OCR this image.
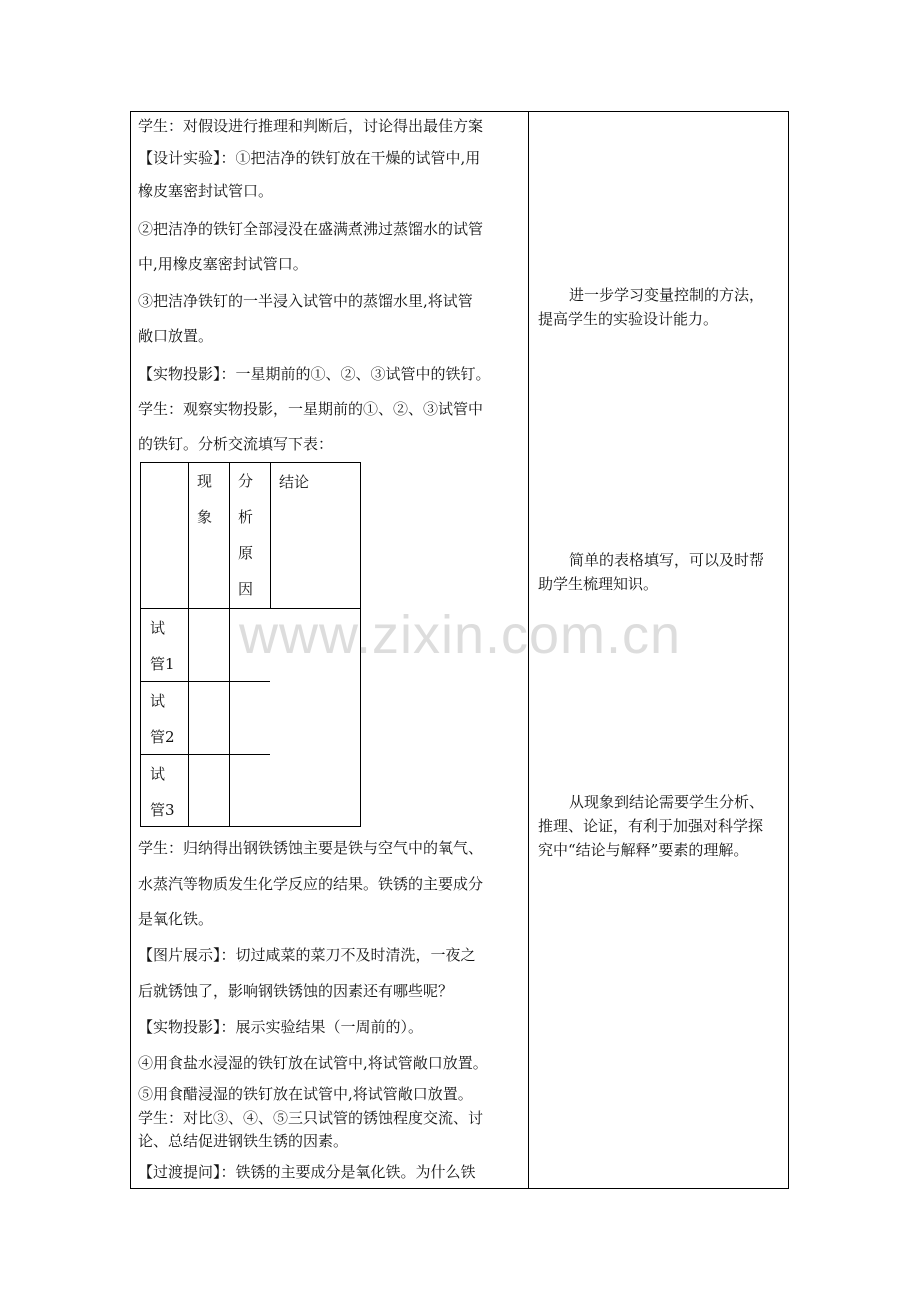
学生：对假设进行推理和判断后，讨论得出最佳方案
【设计实验】：①把洁净的铁钉放在干燥的试管中,用
橡皮塞密封试管口。
②把洁净的铁钉全部浸没在盛满煮沸过蒸馏水的试管
中,用橡皮塞密封试管口。
③把洁净铁钉的一半浸入试管中的蒸馏水里,将试管
敞口放置。
【实物投影】：一星期前的①、②、③试管中的铁钉。
学生：观察实物投影，一星期前的①、②、③试管中
的铁钉。分析交流填写下表：
现
象
分
析
原
因
结论
试
管1
试
管2
试
管3
学生：归纳得出钢铁锈蚀主要是铁与空气中的氧气、
水蒸汽等物质发生化学反应的结果。铁锈的主要成分
是氧化铁。
【图片展示】：切过咸菜的菜刀不及时清洗，一夜之
后就锈蚀了，影响钢铁锈蚀的因素还有哪些呢？
【实物投影】：展示实验结果（一周前的）。
④用食盐水浸湿的铁钉放在试管中,将试管敞口放置。
⑤用食醋浸湿的铁钉放在试管中,将试管敞口放置。
学生：对比③、④、⑤三只试管的锈蚀程度交流、讨
论、总结促进钢铁生锈的因素。
【过渡提问】：铁锈的主要成分是氧化铁。为什么铁
进一步学习变量控制的方法，
提高学生的实验设计能力。
简单的表格填写，可以及时帮
助学生梳理知识。
从现象到结论需要学生分析、
推理、论证，有利于加强对科学探
究中“结论与解释”要素的理解。
www.zixin.com.cn
